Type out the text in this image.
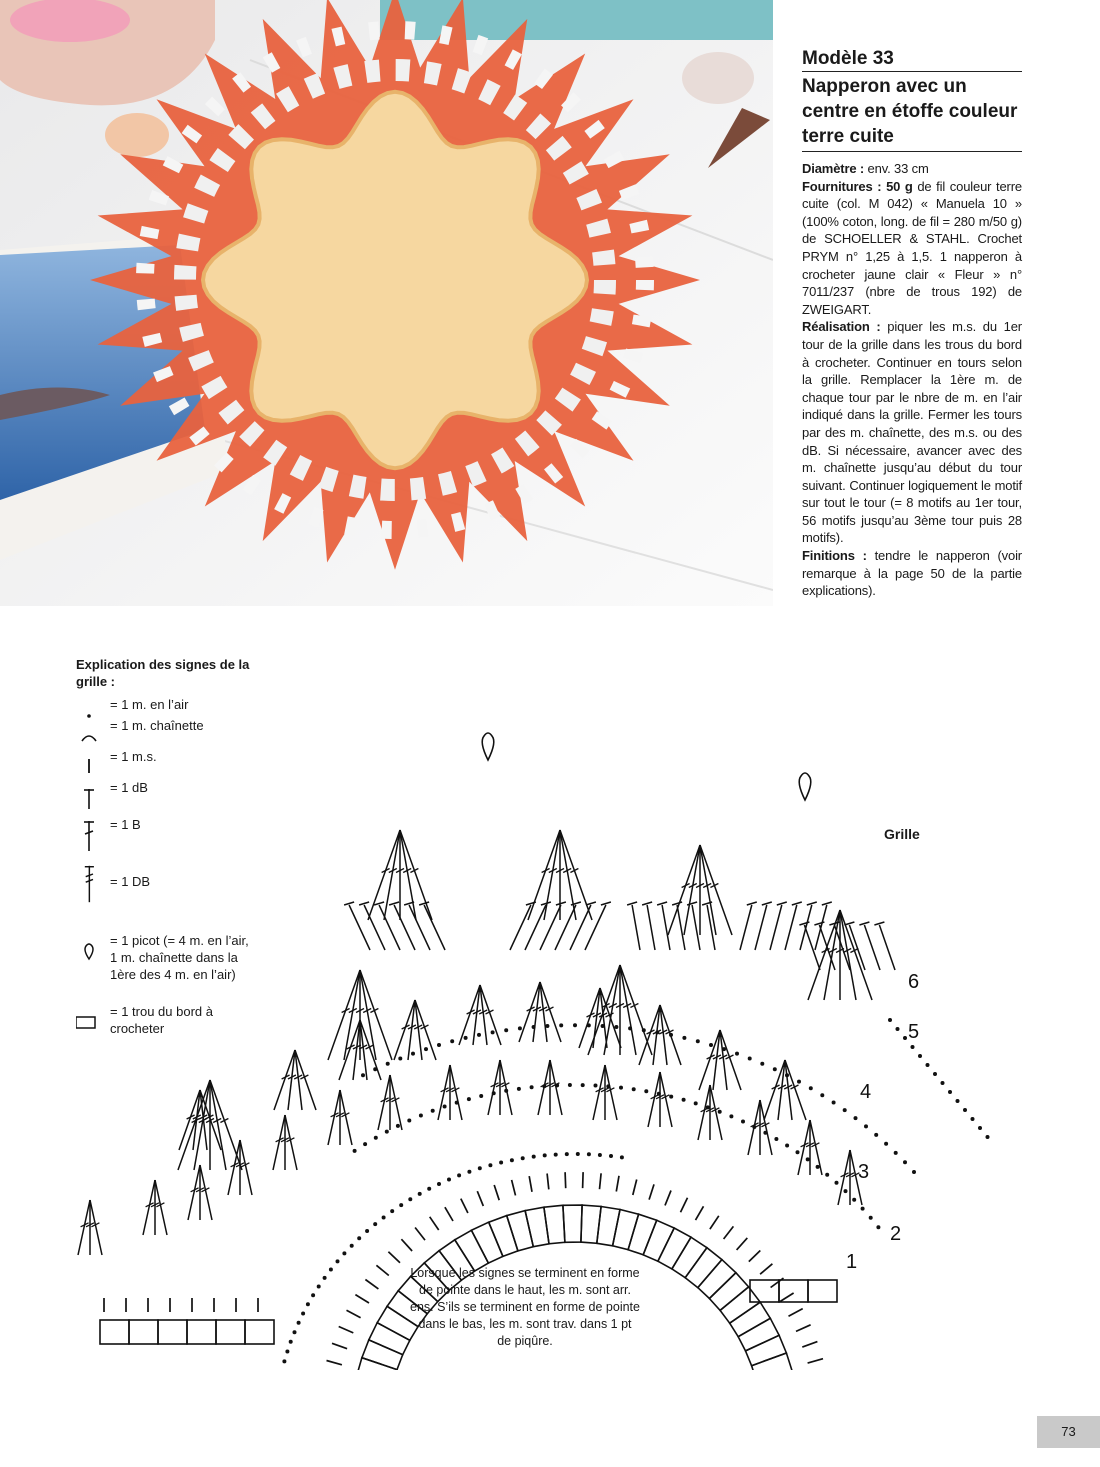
Modèle 33
Napperon avec un centre en étoffe couleur terre cuite

Diamètre : env. 33 cm

Fournitures : 50 g de fil couleur terre cuite (col. M 042) « Manuela 10 » (100% coton, long. de fil = 280 m/50 g) de SCHOELLER & STAHL. Crochet PRYM n° 1,25 à 1,5. 1 napperon à crocheter jaune clair « Fleur » n° 7011/237 (nbre de trous 192) de ZWEIGART.

Réalisation : piquer les m.s. du 1er tour de la grille dans les trous du bord à crocheter. Continuer en tours selon la grille. Remplacer la 1ère m. de chaque tour par le nbre de m. en l’air indiqué dans la grille. Fermer les tours par des m. chaînette, des m.s. ou des dB. Si nécessaire, avancer avec des m. chaînette jusqu’au début du tour suivant. Continuer logiquement le motif sur tout le tour (= 8 motifs au 1er tour, 56 motifs jusqu’au 3ème tour puis 28 motifs).

Finitions : tendre le napperon (voir remarque à la page 50 de la partie explications).

Explication des signes de la grille :
= 1 m. en l’air
= 1 m. chaînette
= 1 m.s.
= 1 dB
= 1 B
= 1 DB
= 1 picot (= 4 m. en l’air, 1 m. chaînette dans la 1ère des 4 m. en l’air)
= 1 trou du bord à crocheter
Grille
1
2
3
4
5
6
Lorsque les signes se terminent en forme de pointe dans le haut, les m. sont arr. ens. S’ils se terminent en forme de pointe dans le bas, les m. sont trav. dans 1 pt de piqûre.
73
